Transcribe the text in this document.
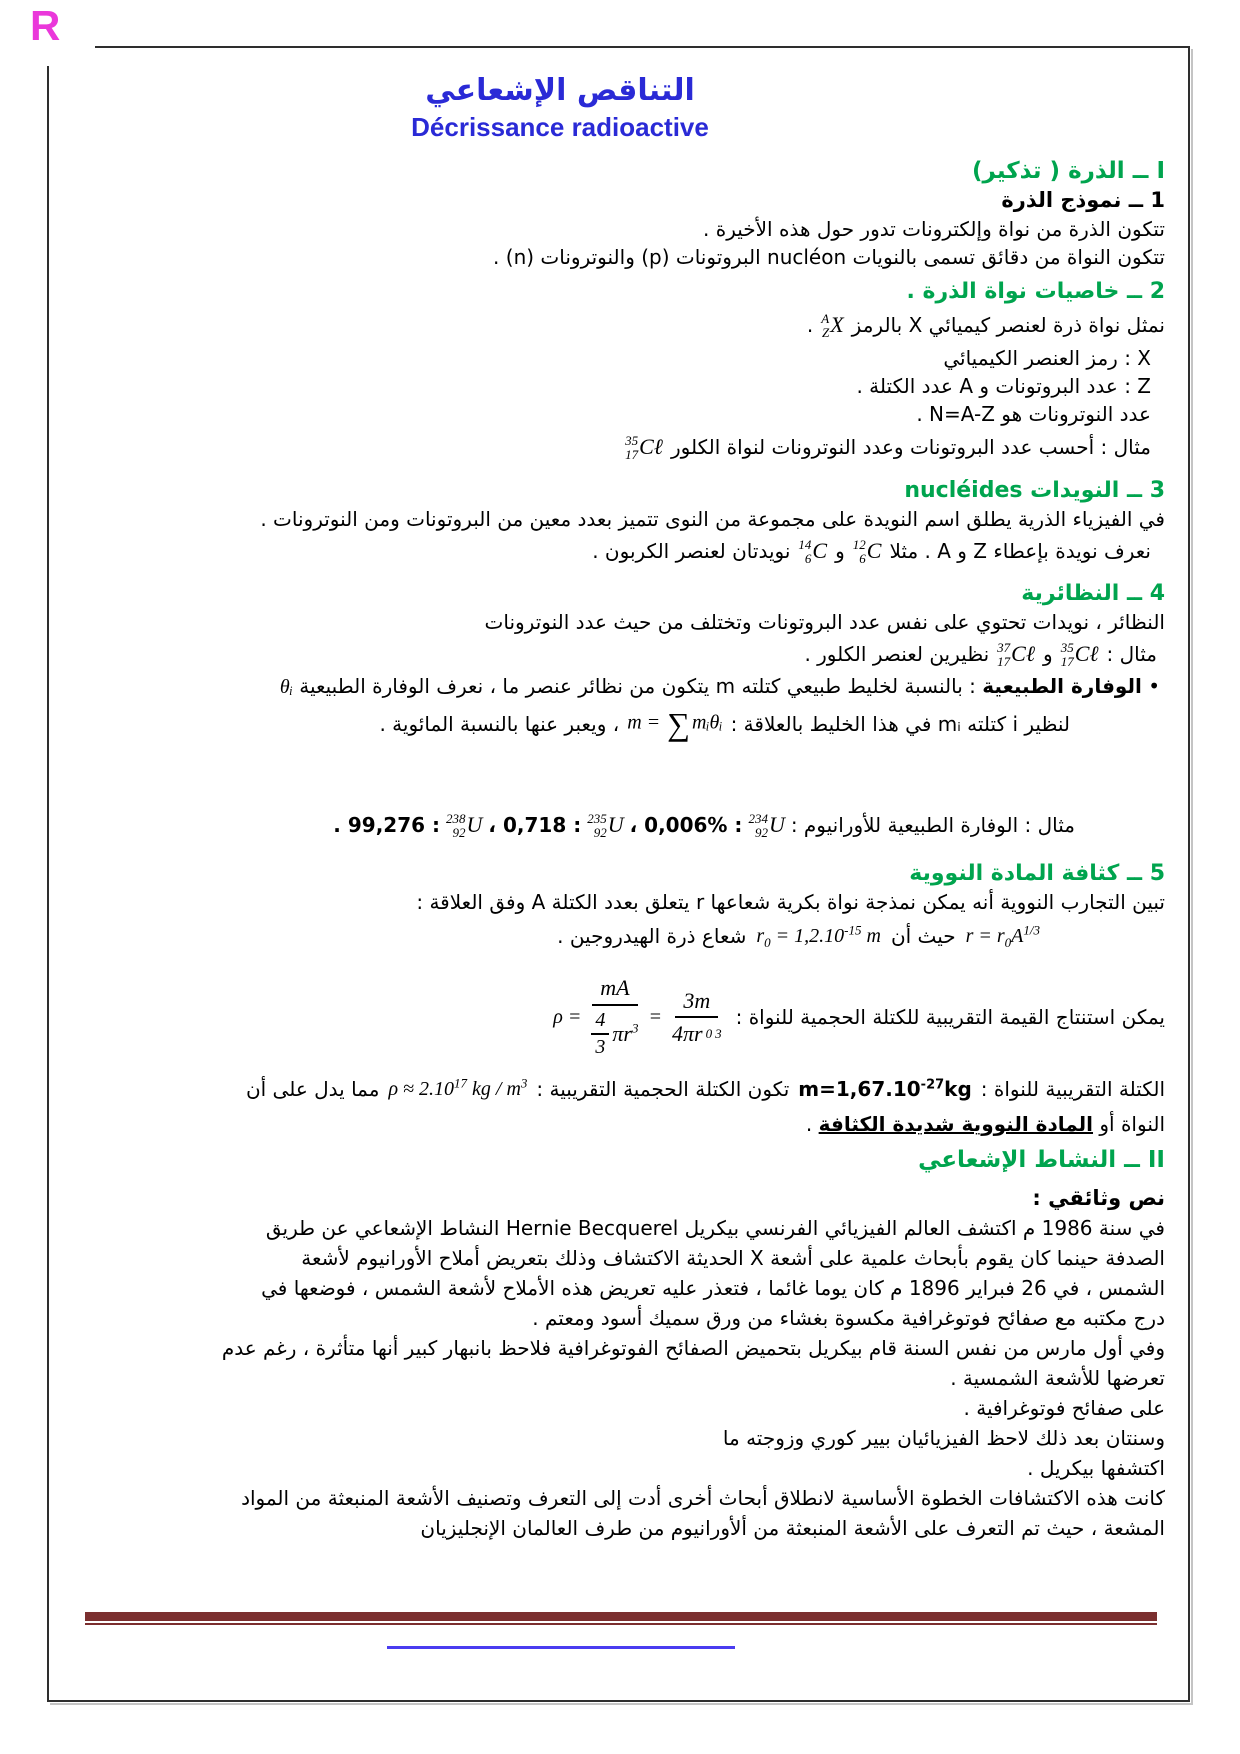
R
التناقص الإشعاعي
Décrissance radioactive
I ــ الذرة ( تذكير)
1 ــ نموذج الذرة
تتكون الذرة من نواة وإلكترونات تدور حول هذه الأخيرة .
تتكون النواة من دقائق تسمى بالنويات nucléon البروتونات (p) والنوترونات (n) .
2 ــ خاصيات نواة الذرة .
نمثل نواة ذرة لعنصر كيميائي X بالرمز
A
Z X
.
X : رمز العنصر الكيميائي
Z : عدد البروتونات و A عدد الكتلة .
عدد النوترونات هو N=A-Z .
مثال : أحسب عدد البروتونات وعدد النوترونات لنواة الكلور
35
17 Cℓ
3 ــ النويدات nucléides
في الفيزياء الذرية يطلق اسم النويدة على مجموعة من النوى تتميز بعدد معين من البروتونات ومن النوترونات .
نعرف نويدة بإعطاء Z و A . مثلا
12
6 C
و
14
6 C
نويدتان لعنصر الكربون .
4 ــ النظائرية
النظائر ، نويدات تحتوي على نفس عدد البروتونات وتختلف من حيث عدد النوترونات
مثال :
35
17 Cℓ
و
37
17 Cℓ
نظيرين لعنصر الكلور .
• الوفارة الطبيعية : بالنسبة لخليط طبيعي كتلته m يتكون من نظائر عنصر ما ، نعرف الوفارة الطبيعية θᵢ
لنظير i كتلته mᵢ في هذا الخليط بالعلاقة :
m = ∑ mᵢθᵢ
، ويعبر عنها بالنسبة المائوية .
مثال : الوفارة الطبيعية للأورانيوم :
234
92 U
: 0,006% ،
235
92 U
: 0,718 ،
238
92 U
: 99,276 .
5 ــ كثافة المادة النووية
تبين التجارب النووية أنه يمكن نمذجة نواة بكرية شعاعها r يتعلق بعدد الكتلة A وفق العلاقة :
$r = r_0A^{1/3}$
حيث أن
$r_0 = 1,2.10^{-15}$ m
شعاع ذرة الهيدروجين .
يمكن استنتاج القيمة التقريبية للكتلة الحجمية للنواة :
$\rho = \frac{mA}{\frac{4}{3} \pi r^3} = \frac{3m}{4\pi r 0 3}$
الكتلة التقريبية للنواة :
$m=1,67.10^{-27}kg$
تكون الكتلة الحجمية التقريبية :
$\rho \approx 2.10^{17}$ kg / $m^3$
مما يدل على أن
النواة أو المادة النووية شديدة الكثافة .
II ــ النشاط الإشعاعي
نص وثائقي :
في سنة 1986 م اكتشف العالم الفيزيائي الفرنسي بيكريل Hernie Becquerel النشاط الإشعاعي عن طريق
الصدفة حينما كان يقوم بأبحاث علمية على أشعة X الحديثة الاكتشاف وذلك بتعريض أملاح الأورانيوم لأشعة
الشمس ، في 26 فبراير 1896 م كان يوما غائما ، فتعذر عليه تعريض هذه الأملاح لأشعة الشمس ، فوضعها في
درج مكتبه مع صفائح فوتوغرافية مكسوة بغشاء من ورق سميك أسود ومعتم .
وفي أول مارس من نفس السنة قام بيكريل بتحميض الصفائح الفوتوغرافية فلاحظ بانبهار كبير أنها متأثرة ، رغم عدم
تعرضها للأشعة الشمسية .
على صفائح فوتوغرافية .
وسنتان بعد ذلك لاحظ الفيزيائيان بيير كوري وزوجته ما
اكتشفها بيكريل .
كانت هذه الاكتشافات الخطوة الأساسية لانطلاق أبحاث أخرى أدت إلى التعرف وتصنيف الأشعة المنبعثة من المواد
المشعة ، حيث تم التعرف على الأشعة المنبعثة من ألأورانيوم من طرف العالمان الإنجليزيان
